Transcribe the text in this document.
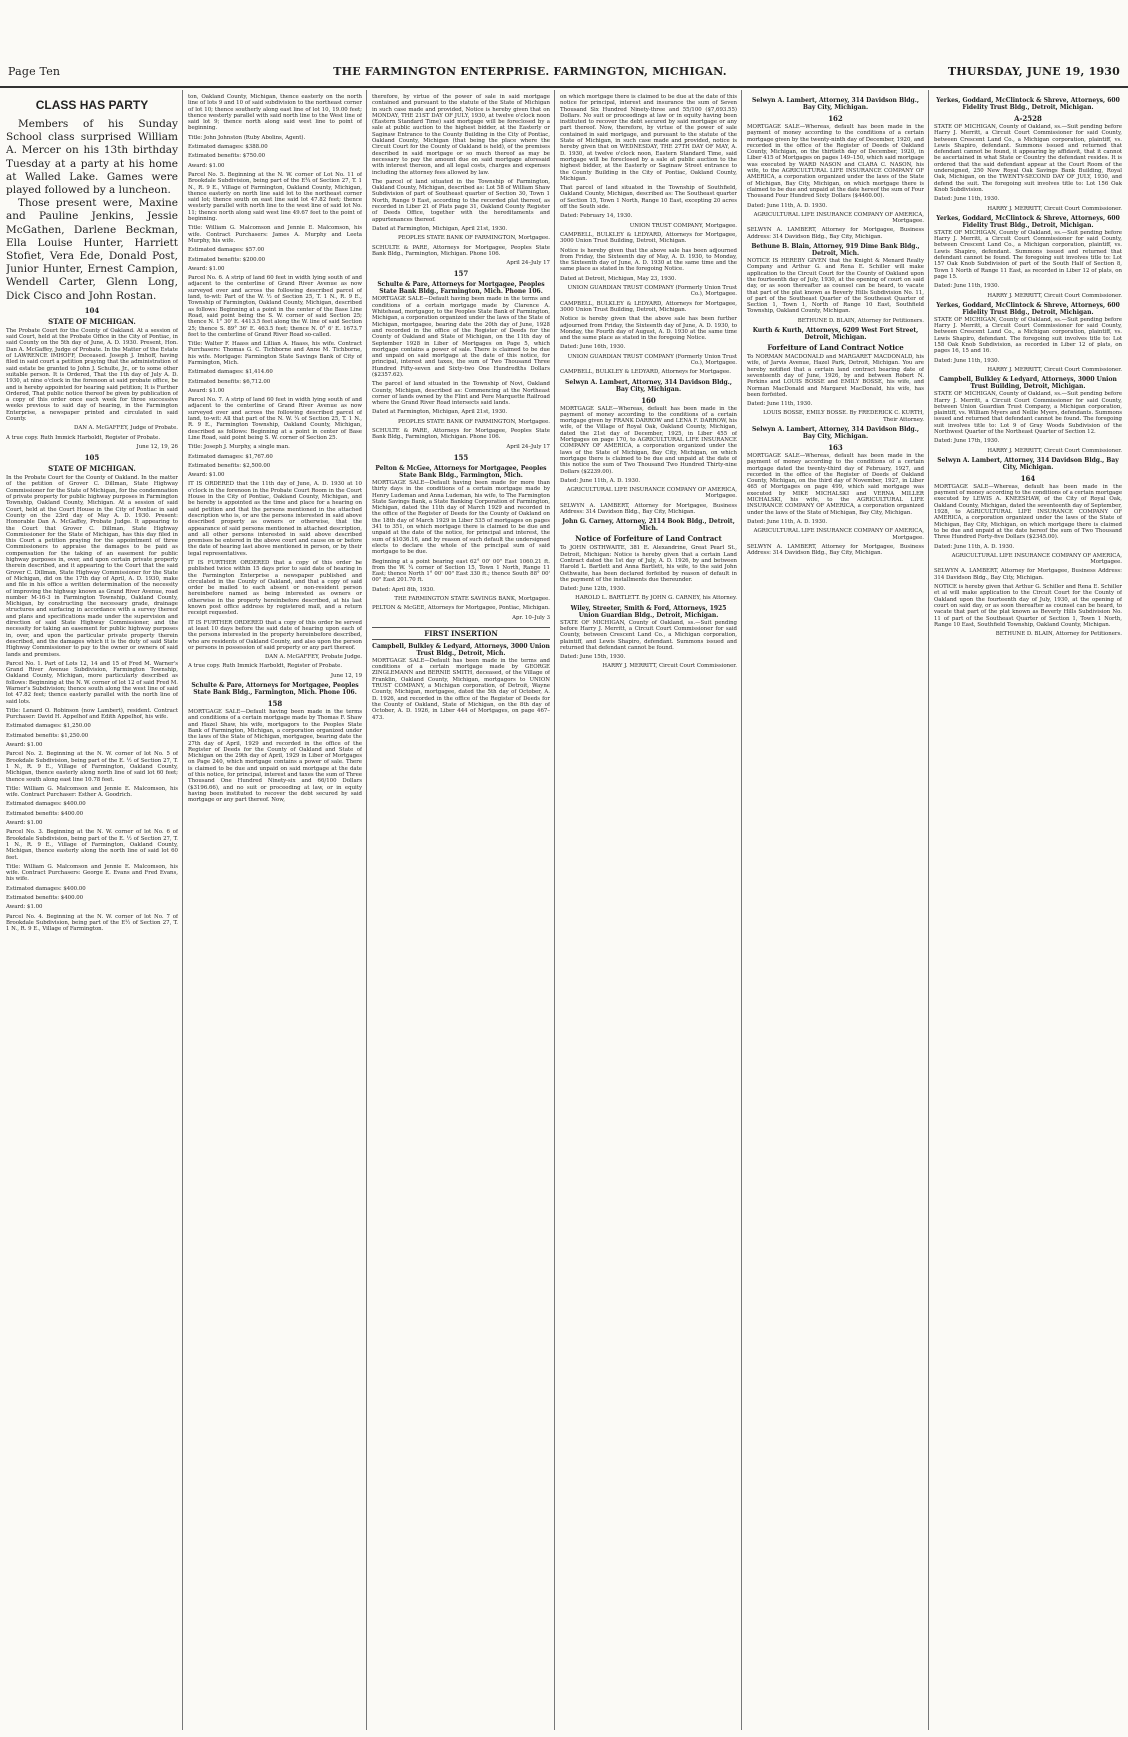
Page Ten	THE FARMINGTON ENTERPRISE. FARMINGTON, MICHIGAN.	THURSDAY, JUNE 19, 1930
CLASS HAS PARTY

Members of his Sunday School class surprised William A. Mercer on his 13th birthday Tuesday at a party at his home at Walled Lake. Games were played followed by a luncheon.

Those present were, Maxine and Pauline Jenkins, Jessie McGathen, Darlene Beckman, Ella Louise Hunter, Harriett Stofiet, Vera Ede, Donald Post, Junior Hunter, Ernest Campion, Wendell Carter, Glenn Long, Dick Cisco and John Rostan.

104
STATE OF MICHIGAN.

The Probate Court for the County of Oakland. At a session of said Court, held at the Probate Office in the City of Pontiac, in said County on the 5th day of June, A. D. 1930. Present, Hon. Dan A. McGaffey, Judge of Probate. In the Matter of the Estate of LAWRENCE IMHOFF, Deceased. Joseph J. Imhoff, having filed in said court a petition praying that the administration of said estate be granted to John J. Schulte, Jr., or to some other suitable person. It is Ordered, That the 1th day of July A. D. 1930, at nine o'clock in the forenoon at said probate office, be and is hereby appointed for hearing said petition; It is Further Ordered, That public notice thereof be given by publication of a copy of this order once each week for three successive weeks previous to said day of hearing, in the Farmington Enterprise, a newspaper printed and circulated in said County.

DAN A. McGAFFEY, Judge of Probate.

A true copy. Ruth Immick Harboldt, Register of Probate.

June 12, 19, 26

105
STATE OF MICHIGAN.

In the Probate Court for the County of Oakland. In the matter of the petition of Grover C. Dillman, State Highway Commissioner for the State of Michigan, for the condemnation of private property for public highway purposes in Farmington Township, Oakland County, Michigan. At a session of said Court, held at the Court House in the City of Pontiac in said County on the 23rd day of May A. D. 1930. Present: Honorable Dan A. McGaffey, Probate Judge. It appearing to the Court that Grover C. Dillman, State Highway Commissioner for the State of Michigan, has this day filed in this Court a petition praying for the appointment of three Commissioners to appraise the damages to be paid as compensation for the taking of an easement for public highway purposes in, over, and upon certain private property therein described, and it appearing to the Court that the said Grover C. Dillman, State Highway Commissioner for the State of Michigan, did on the 17th day of April, A. D. 1930, make and file in his office a written determination of the necessity of improving the highway known as Grand River Avenue, road number M-16-3 in Farmington Township, Oakland County, Michigan, by constructing the necessary grade, drainage structures and surfacing in accordance with a survey thereof and plans and specifications made under the supervision and direction of said State Highway Commissioner, and the necessity for taking an easement for public highway purposes in, over, and upon the particular private property therein described, and the damages which it is the duty of said State Highway Commissioner to pay to the owner or owners of said lands and premises.

Parcel No. 1. Part of Lots 12, 14 and 15 of Fred M. Warner's Grand River Avenue Subdivision, Farmington Township, Oakland County, Michigan, more particularly described as follows: Beginning at the N. W. corner of lot 12 of said Fred M. Warner's Subdivision; thence south along the west line of said lot 47.82 feet; thence easterly parallel with the north line of said lots.

Title: Lenard O. Robinson (now Lambert), resident. Contract Purchaser: David H. Appelhof and Edith Appelhof, his wife.

Estimated damages: $1,250.00

Estimated benefits: $1,250.00

Award: $1.00

Parcel No. 2. Beginning at the N. W. corner of lot No. 5 of Brookdale Subdivision, being part of the E. ½ of Section 27, T. 1 N., R. 9 E., Village of Farmington, Oakland County, Michigan, thence easterly along north line of said lot 60 feet; thence south along east line 10.78 feet.

Title: William G. Malcomson and Jennie E. Malcomson, his wife. Contract Purchaser: Esther A. Goodrich.

Estimated damages: $400.00

Estimated benefits: $400.00

Award: $1.00

Parcel No. 3. Beginning at the N. W. corner of lot No. 6 of Brookdale Subdivision, being part of the E. ½ of Section 27, T. 1 N., R. 9 E., Village of Farmington, Oakland County, Michigan, thence easterly along the north line of said lot 60 feet.

Title: William G. Malcomson and Jennie E. Malcomson, his wife. Contract Purchasers: George E. Evans and Fred Evans, his wife.

Estimated damages: $400.00

Estimated benefits: $400.00

Award: $1.00

Parcel No. 4. Beginning at the N. W. corner of lot No. 7 of Brookdale Subdivision, being part of the E½ of Section 27, T. 1 N., R. 9 E., Village of Farmington.

ton, Oakland County, Michigan, thence easterly on the north line of lots 9 and 10 of said subdivision to the northeast corner of lot 10; thence southerly along east line of lot 10, 19.00 feet; thence westerly parallel with said north line to the West line of said lot 9; thence north along said west line to point of beginning.

Title: John Johnston (Ruby Abolins, Agent).

Estimated damages: $388.00

Estimated benefits: $750.00

Award: $1.00

Parcel No. 5. Beginning at the N. W. corner of Lot No. 11 of Brookdale Subdivision, being part of the E¾ of Section 27, T. 1 N., R. 9 E., Village of Farmington, Oakland County, Michigan, thence easterly on north line said lot to the northeast corner said lot; thence south on east line said lot 47.82 feet; thence westerly parallel with north line to the west line of said lot No. 11; thence north along said west line 49.67 feet to the point of beginning.

Title: William G. Malcomson and Jennie E. Malcomson, his wife. Contract Purchasers: James A. Murphy and Leeta Murphy, his wife.

Estimated damages: $57.00

Estimated benefits: $200.00

Award: $1.00

Parcel No. 6. A strip of land 60 feet in width lying south of and adjacent to the centerline of Grand River Avenue as now surveyed over and across the following described parcel of land, to-wit: Part of the W. ½ of Section 25, T. 1 N., R. 9 E., Township of Farmington, Oakland County, Michigan, described as follows: Beginning at a point in the center of the Base Line Road, said point being the S. W. corner of said Section 25; thence N. 1° 30' E. 4413.5 feet along the W. line of said Section 25; thence S. 89° 36' E. 463.5 feet; thence N. 0° 6' E. 1673.7 feet to the centerline of Grand River Road so-called.

Title: Walter F. Haass and Lillian A. Haass, his wife. Contract Purchasers: Thomas G. C. Tichborne and Anne M. Tichborne, his wife. Mortgage: Farmington State Savings Bank of City of Farmington, Mich.

Estimated damages: $1,414.60

Estimated benefits: $6,712.00

Award: $1.00

Parcel No. 7. A strip of land 60 feet in width lying south of and adjacent to the centerline of Grand River Avenue as now surveyed over and across the following described parcel of land, to-wit: All that part of the N. W. ¼ of Section 25, T. 1 N., R. 9 E., Farmington Township, Oakland County, Michigan, described as follows: Beginning at a point in center of Base Line Road, said point being S. W. corner of Section 25.

Title: Joseph J. Murphy, a single man.

Estimated damages: $1,767.60

Estimated benefits: $2,500.00

Award: $1.00

IT IS ORDERED that the 11th day of June, A. D. 1930 at 10 o'clock in the forenoon in the Probate Court Room in the Court House in the City of Pontiac, Oakland County, Michigan, and be hereby is appointed as the time and place for a hearing on said petition and that the persons mentioned in the attached description who is, or are the persons interested in said above described property as owners or otherwise, that the appearance of said persons mentioned in attached description, and all other persons interested in said above described premises be entered in the above court and cause on or before the date of hearing last above mentioned in person, or by their legal representatives.

IT IS FURTHER ORDERED that a copy of this order be published twice within 15 days prior to said date of hearing in the Farmington Enterprise a newspaper published and circulated in the County of Oakland, and that a copy of said order be mailed to each absent or non-resident person hereinbefore named as being interested as owners or otherwise in the property hereinbefore described, at his last known post office address by registered mail, and a return receipt requested.

IT IS FURTHER ORDERED that a copy of this order be served at least 10 days before the said date of hearing upon each of the persons interested in the property hereinbefore described, who are residents of Oakland County, and also upon the person or persons in possession of said property or any part thereof.

DAN A. McGAFFEY, Probate Judge.

A true copy. Ruth Immick Harboldt, Register of Probate.

June 12, 19

Schulte & Pare, Attorneys for Mortgagee, Peoples State Bank Bldg., Farmington, Mich. Phone 106.
158

MORTGAGE SALE—Default having been made in the terms and conditions of a certain mortgage made by Thomas F. Shaw and Hazel Shaw, his wife, mortgagors to the Peoples State Bank of Farmington, Michigan, a corporation organized under the laws of the State of Michigan, mortgagee, bearing date the 27th day of April, 1929 and recorded in the office of the Register of Deeds for the County of Oakland and State of Michigan on the 29th day of April, 1929 in Liber of Mortgages on Page 240, which mortgage contains a power of sale. There is claimed to be due and unpaid on said mortgage at the date of this notice, for principal, interest and taxes the sum of Three Thousand One Hundred Ninety-six and 66/100 Dollars ($3196.66), and no suit or proceeding at law, or in equity having been instituted to recover the debt secured by said mortgage or any part thereof. Now,

therefore, by virtue of the power of sale in said mortgage contained and pursuant to the statute of the State of Michigan in such case made and provided, Notice is hereby given that on MONDAY, THE 21ST DAY OF JULY, 1930, at twelve o'clock noon (Eastern Standard Time) said mortgage will be foreclosed by a sale at public auction to the highest bidder, at the Easterly or Saginaw Entrance to the County Building in the City of Pontiac, Oakland County, Michigan (that being the place where the Circuit Court for the County of Oakland is held), of the premises described in said mortgage or so much thereof as may be necessary to pay the amount due on said mortgage aforesaid with interest thereon, and all legal costs, charges and expenses including the attorney fees allowed by law.

The parcel of land situated in the Township of Farmington, Oakland County, Michigan, described as: Lot 58 of William Shaw Subdivision of part of Southeast quarter of Section 30, Town 1 North, Range 9 East, according to the recorded plat thereof, as recorded in Liber 21 of Plats page 31, Oakland County Register of Deeds Office, together with the hereditaments and appurtenances thereof.

Dated at Farmington, Michigan, April 21st, 1930.

PEOPLES STATE BANK OF FARMINGTON, Mortgagee.

SCHULTE & PARE, Attorneys for Mortgagee, Peoples State Bank Bldg., Farmington, Michigan. Phone 106.

April 24–July 17

157
Schulte & Pare, Attorneys for Mortgagee, Peoples State Bank Bldg., Farmington, Mich. Phone 106.

MORTGAGE SALE—Default having been made in the terms and conditions of a certain mortgage made by Clarence A. Whitehead, mortgagor, to the Peoples State Bank of Farmington, Michigan, a corporation organized under the laws of the State of Michigan, mortgagee, bearing date the 20th day of June, 1928 and recorded in the office of the Register of Deeds for the County of Oakland and State of Michigan, on the 11th day of September 1928 in Liber of Mortgages on Page 5, which mortgage contains a power of sale. There is claimed to be due and unpaid on said mortgage at the date of this notice, for principal, interest and taxes, the sum of Two Thousand Three Hundred Fifty-seven and Sixty-two One Hundredths Dollars ($2357.62).

The parcel of land situated in the Township of Novi, Oakland County, Michigan, described as: Commencing at the Northeast corner of lands owned by the Flint and Pere Marquette Railroad where the Grand River Road intersects said lands.

Dated at Farmington, Michigan, April 21st, 1930.

PEOPLES STATE BANK OF FARMINGTON, Mortgagee.

SCHULTE & PARE, Attorneys for Mortgagee, Peoples State Bank Bldg., Farmington, Michigan. Phone 106.

April 24–July 17

155
Pelton & McGee, Attorneys for Mortgagee, Peoples State Bank Bldg., Farmington, Mich.

MORTGAGE SALE—Default having been made for more than thirty days in the conditions of a certain mortgage made by Henry Ludeman and Anna Ludeman, his wife, to The Farmington State Savings Bank, a State Banking Corporation of Farmington, Michigan, dated the 11th day of March 1929 and recorded in the office of the Register of Deeds for the County of Oakland on the 18th day of March 1929 in Liber 535 of mortgages on pages 341 to 351, on which mortgage there is claimed to be due and unpaid at the date of the notice, for principal and interest, the sum of $1036.16, and by reason of such default the undersigned elects to declare the whole of the principal sum of said mortgage to be due.

Beginning at a point bearing east 62° 00' 00" East 1060.21 ft. from the W. ¼ corner of Section 15, Town 1 North, Range 11 East; thence North 1° 00' 00" East 330 ft.; thence South 88° 00' 00" East 201.70 ft.

Dated: April 8th, 1930.

THE FARMINGTON STATE SAVINGS BANK, Mortgagee.

PELTON & McGEE, Attorneys for Mortgagee, Pontiac, Michigan.

Apr. 10–July 3

FIRST INSERTION
Campbell, Bulkley & Ledyard, Attorneys, 3000 Union Trust Bldg., Detroit, Mich.

MORTGAGE SALE—Default has been made in the terms and conditions of a certain mortgage made by GEORGE ZINGLEMANN and BERNIE SMITH, deceased, of the Village of Franklin, Oakland County, Michigan, mortgagors to UNION TRUST COMPANY, a Michigan corporation, of Detroit, Wayne County, Michigan, mortgagee, dated the 5th day of October, A. D. 1926, and recorded in the office of the Register of Deeds for the County of Oakland, State of Michigan, on the 8th day of October, A. D. 1926, in Liber 444 of Mortgages, on page 467–473.

on which mortgage there is claimed to be due at the date of this notice for principal, interest and insurance the sum of Seven Thousand Six Hundred Ninety-three and 55/100 ($7,693.55) Dollars. No suit or proceedings at law or in equity having been instituted to recover the debt secured by said mortgage or any part thereof. Now, therefore, by virtue of the power of sale contained in said mortgage, and pursuant to the statute of the State of Michigan, in such case made and provided, notice is hereby given that on WEDNESDAY, THE 27TH DAY OF MAY, A. D. 1930, at twelve o'clock noon, Eastern Standard Time, said mortgage will be foreclosed by a sale at public auction to the highest bidder, at the Easterly or Saginaw Street entrance to the County Building in the City of Pontiac, Oakland County, Michigan.

That parcel of land situated in the Township of Southfield, Oakland County, Michigan, described as: The Southeast quarter of Section 15, Town 1 North, Range 10 East, excepting 20 acres off the South side.

Dated: February 14, 1930.

UNION TRUST COMPANY, Mortgagee.

CAMPBELL, BULKLEY & LEDYARD, Attorneys for Mortgagee, 3000 Union Trust Building, Detroit, Michigan.

Notice is hereby given that the above sale has been adjourned from Friday, the Sixteenth day of May, A. D. 1930, to Monday, the Sixteenth day of June, A. D. 1930 at the same time and the same place as stated in the foregoing Notice.

Dated at Detroit, Michigan, May 23, 1930.

UNION GUARDIAN TRUST COMPANY (Formerly Union Trust Co.), Mortgagee.

CAMPBELL, BULKLEY & LEDYARD, Attorneys for Mortgagee, 3000 Union Trust Building, Detroit, Michigan.

Notice is hereby given that the above sale has been further adjourned from Friday, the Sixteenth day of June, A. D. 1930, to Monday, the Fourth day of August, A. D. 1930 at the same time and the same place as stated in the foregoing Notice.

Dated: June 16th, 1930.

UNION GUARDIAN TRUST COMPANY (Formerly Union Trust Co.), Mortgagee.

CAMPBELL, BULKLEY & LEDYARD, Attorneys for Mortgagee.

Selwyn A. Lambert, Attorney, 314 Davidson Bldg., Bay City, Michigan.
160

MORTGAGE SALE—Whereas, default has been made in the payment of money according to the conditions of a certain mortgage given by FRANK DARROW and LENA F. DARROW, his wife, of the Village of Royal Oak, Oakland County, Michigan, dated the 21st day of December, 1925, in Liber 455 of Mortgages on page 170, to AGRICULTURAL LIFE INSURANCE COMPANY OF AMERICA, a corporation organized under the laws of the State of Michigan, Bay City, Michigan, on which mortgage there is claimed to be due and unpaid at the date of this notice the sum of Two Thousand Two Hundred Thirty-nine Dollars ($2239.00).

Dated: June 11th, A. D. 1930.

AGRICULTURAL LIFE INSURANCE COMPANY OF AMERICA, Mortgagee.

SELWYN A. LAMBERT, Attorney for Mortgagee, Business Address: 314 Davidson Bldg., Bay City, Michigan.

John G. Carney, Attorney, 2114 Book Bldg., Detroit, Mich.
Notice of Forfeiture of Land Contract

To JOHN OSTHWAITE, 381 E. Alexandrine, Great Pearl St., Detroit, Michigan: Notice is hereby given that a certain Land Contract dated the 1st day of July, A. D. 1926, by and between Harold L. Bartlett and Anna Bartlett, his wife, to the said John Osthwaite, has been declared forfeited by reason of default in the payment of the installments due thereunder.

Dated: June 12th, 1930.

HAROLD L. BARTLETT. By JOHN G. CARNEY, his Attorney.

Wiley, Streeter, Smith & Ford, Attorneys, 1925 Union Guardian Bldg., Detroit, Michigan.

STATE OF MICHIGAN, County of Oakland, ss.—Suit pending before Harry J. Merritt, a Circuit Court Commissioner for said County, between Crescent Land Co., a Michigan corporation, plaintiff, and Lewis Shapiro, defendant. Summons issued and returned that defendant cannot be found.

Dated: June 15th, 1930.

HARRY J. MERRITT, Circuit Court Commissioner.

Selwyn A. Lambert, Attorney, 314 Davidson Bldg., Bay City, Michigan.
162

MORTGAGE SALE—Whereas, default has been made in the payment of money according to the conditions of a certain mortgage given by the twenty-ninth day of December, 1920, and recorded in the office of the Register of Deeds of Oakland County, Michigan, on the thirtieth day of December, 1920, in Liber 415 of Mortgages on pages 149–150, which said mortgage was executed by WARD NASON and CLARA C. NASON, his wife, to the AGRICULTURAL LIFE INSURANCE COMPANY OF AMERICA, a corporation organized under the laws of the State of Michigan, Bay City, Michigan, on which mortgage there is claimed to be due and unpaid at the date hereof the sum of Four Thousand Four Hundred Sixty Dollars ($4460.00).

Dated: June 11th, A. D. 1930.

AGRICULTURAL LIFE INSURANCE COMPANY OF AMERICA, Mortgagee.

SELWYN A. LAMBERT, Attorney for Mortgagee, Business Address: 314 Davidson Bldg., Bay City, Michigan.

Bethune B. Blain, Attorney, 919 Dime Bank Bldg., Detroit, Mich.

NOTICE IS HEREBY GIVEN that the Knight & Menard Realty Company and Arthur G. and Rena E. Schiller will make application to the Circuit Court for the County of Oakland upon the fourteenth day of July, 1930, at the opening of court on said day, or as soon thereafter as counsel can be heard, to vacate that part of the plat known as Beverly Hills Subdivision No. 11, of part of the Southeast Quarter of the Southeast Quarter of Section 1, Town 1, North of Range 10 East, Southfield Township, Oakland County, Michigan.

BETHUNE D. BLAIN, Attorney for Petitioners.

Kurth & Kurth, Attorneys, 6209 West Fort Street, Detroit, Michigan.
Forfeiture of Land Contract Notice

To NORMAN MACDONALD and MARGARET MACDONALD, his wife, of Jarvis Avenue, Hazel Park, Detroit, Michigan. You are hereby notified that a certain land contract bearing date of seventeenth day of June, 1926, by and between Robert N. Perkins and LOUIS BOSSE and EMILY BOSSE, his wife, and Norman MacDonald and Margaret MacDonald, his wife, has been forfeited.

Dated: June 11th, 1930.

LOUIS BOSSE, EMILY BOSSE. By FREDERICK C. KURTH, Their Attorney.

Selwyn A. Lambert, Attorney, 314 Davidson Bldg., Bay City, Michigan.
163

MORTGAGE SALE—Whereas, default has been made in the payment of money according to the conditions of a certain mortgage dated the twenty-third day of February, 1927, and recorded in the office of the Register of Deeds of Oakland County, Michigan, on the third day of November, 1927, in Liber 465 of Mortgages on page 499, which said mortgage was executed by MIKE MICHALSKI and VERNA MILLER MICHALSKI, his wife, to the AGRICULTURAL LIFE INSURANCE COMPANY OF AMERICA, a corporation organized under the laws of the State of Michigan, Bay City, Michigan.

Dated: June 11th, A. D. 1930.

AGRICULTURAL LIFE INSURANCE COMPANY OF AMERICA, Mortgagee.

SELWYN A. LAMBERT, Attorney for Mortgagee, Business Address: 314 Davidson Bldg., Bay City, Michigan.

Yerkes, Goddard, McClintock & Shreve, Attorneys, 600 Fidelity Trust Bldg., Detroit, Michigan.
A-2528

STATE OF MICHIGAN, County of Oakland, ss.—Suit pending before Harry J. Merritt, a Circuit Court Commissioner for said County, between Crescent Land Co., a Michigan corporation, plaintiff, vs. Lewis Shapiro, defendant. Summons issued and returned that defendant cannot be found, it appearing by affidavit, that it cannot be ascertained in what State or Country the defendant resides. It is ordered that the said defendant appear at the Court Room of the undersigned, 250 New Royal Oak Savings Bank Building, Royal Oak, Michigan, on the TWENTY-SECOND DAY OF JULY, 1930, and defend the suit. The foregoing suit involves title to: Lot 156 Oak Knob Subdivision.

Dated: June 11th, 1930.

HARRY J. MERRITT, Circuit Court Commissioner.

Yerkes, Goddard, McClintock & Shreve, Attorneys, 600 Fidelity Trust Bldg., Detroit, Michigan.

STATE OF MICHIGAN, County of Oakland, ss.—Suit pending before Harry J. Merritt, a Circuit Court Commissioner for said County, between Crescent Land Co., a Michigan corporation, plaintiff, vs. Lewis Shapiro, defendant. Summons issued and returned that defendant cannot be found. The foregoing suit involves title to: Lot 157 Oak Knob Subdivision of part of the South Half of Section 8, Town 1 North of Range 11 East, as recorded in Liber 12 of plats, on page 15.

Dated: June 11th, 1930.

HARRY J. MERRITT, Circuit Court Commissioner.

Yerkes, Goddard, McClintock & Shreve, Attorneys, 600 Fidelity Trust Bldg., Detroit, Michigan.

STATE OF MICHIGAN, County of Oakland, ss.—Suit pending before Harry J. Merritt, a Circuit Court Commissioner for said County, between Crescent Land Co., a Michigan corporation, plaintiff, vs. Lewis Shapiro, defendant. The foregoing suit involves title to: Lot 158 Oak Knob Subdivision, as recorded in Liber 12 of plats, on pages 16, 15 and 16.

Dated: June 11th, 1930.

HARRY J. MERRITT, Circuit Court Commissioner.

Campbell, Bulkley & Ledyard, Attorneys, 3000 Union Trust Building, Detroit, Michigan.

STATE OF MICHIGAN, County of Oakland, ss.—Suit pending before Harry J. Merritt, a Circuit Court Commissioner for said County, between Union Guardian Trust Company, a Michigan corporation, plaintiff, vs. William Myers and Nellie Myers, defendants. Summons issued and returned that defendant cannot be found. The foregoing suit involves title to: Lot 9 of Gray Woods Subdivision of the Northwest Quarter of the Northeast Quarter of Section 12.

Dated: June 17th, 1930.

HARRY J. MERRITT, Circuit Court Commissioner.

Selwyn A. Lambert, Attorney, 314 Davidson Bldg., Bay City, Michigan.
164

MORTGAGE SALE—Whereas, default has been made in the payment of money according to the conditions of a certain mortgage executed by LEWIS A. KNEESHAW, of the City of Royal Oak, Oakland County, Michigan, dated the seventeenth day of September, 1928, to AGRICULTURAL LIFE INSURANCE COMPANY OF AMERICA, a corporation organized under the laws of the State of Michigan, Bay City, Michigan, on which mortgage there is claimed to be due and unpaid at the date hereof the sum of Two Thousand Three Hundred Forty-five Dollars ($2345.00).

Dated: June 11th, A. D. 1930.

AGRICULTURAL LIFE INSURANCE COMPANY OF AMERICA, Mortgagee.

SELWYN A. LAMBERT, Attorney for Mortgagee, Business Address: 314 Davidson Bldg., Bay City, Michigan.

NOTICE is hereby given that Arthur G. Schiller and Rena E. Schiller et al will make application to the Circuit Court for the County of Oakland upon the fourteenth day of July, 1930, at the opening of court on said day, or as soon thereafter as counsel can be heard, to vacate that part of the plat known as Beverly Hills Subdivision No. 11 of part of the Southeast Quarter of Section 1, Town 1 North, Range 10 East, Southfield Township, Oakland County, Michigan.

BETHUNE D. BLAIN, Attorney for Petitioners.
